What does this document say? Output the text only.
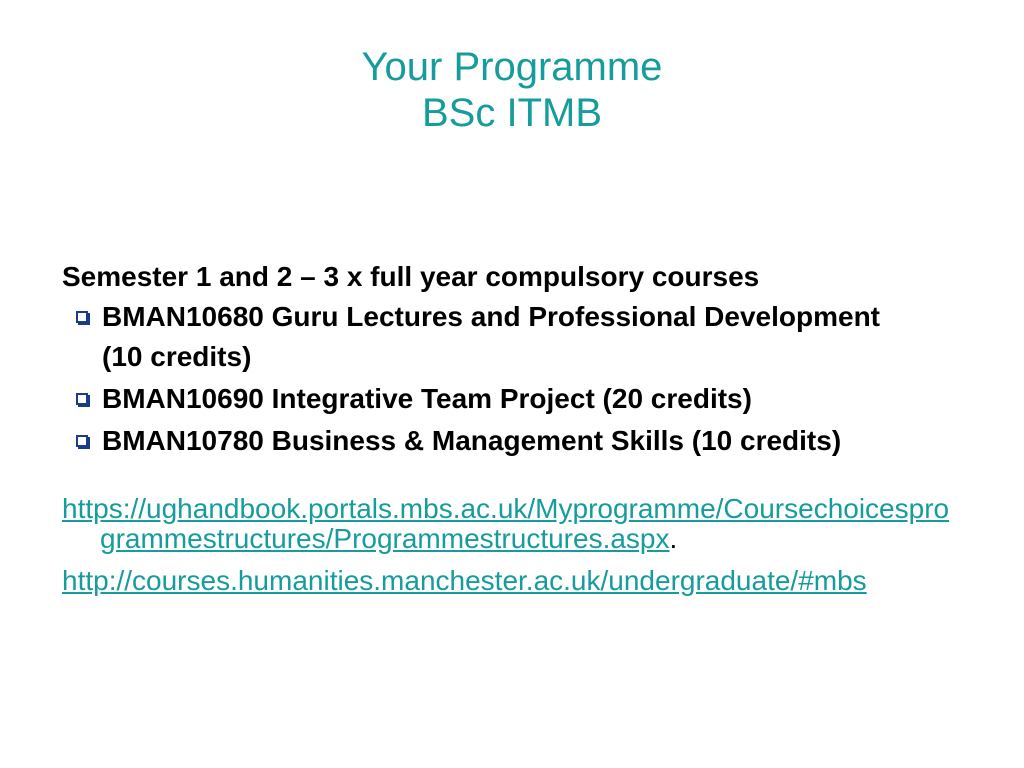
Your Programme
BSc ITMB
Semester 1 and 2 – 3 x full year compulsory courses
BMAN10680 Guru Lectures and Professional Development
(10 credits)
BMAN10690 Integrative Team Project (20 credits)
BMAN10780 Business & Management Skills (10 credits)
https://ughandbook.portals.mbs.ac.uk/Myprogramme/Coursechoicesprogrammestructures/Programmestructures.aspx.
http://courses.humanities.manchester.ac.uk/undergraduate/#mbs
